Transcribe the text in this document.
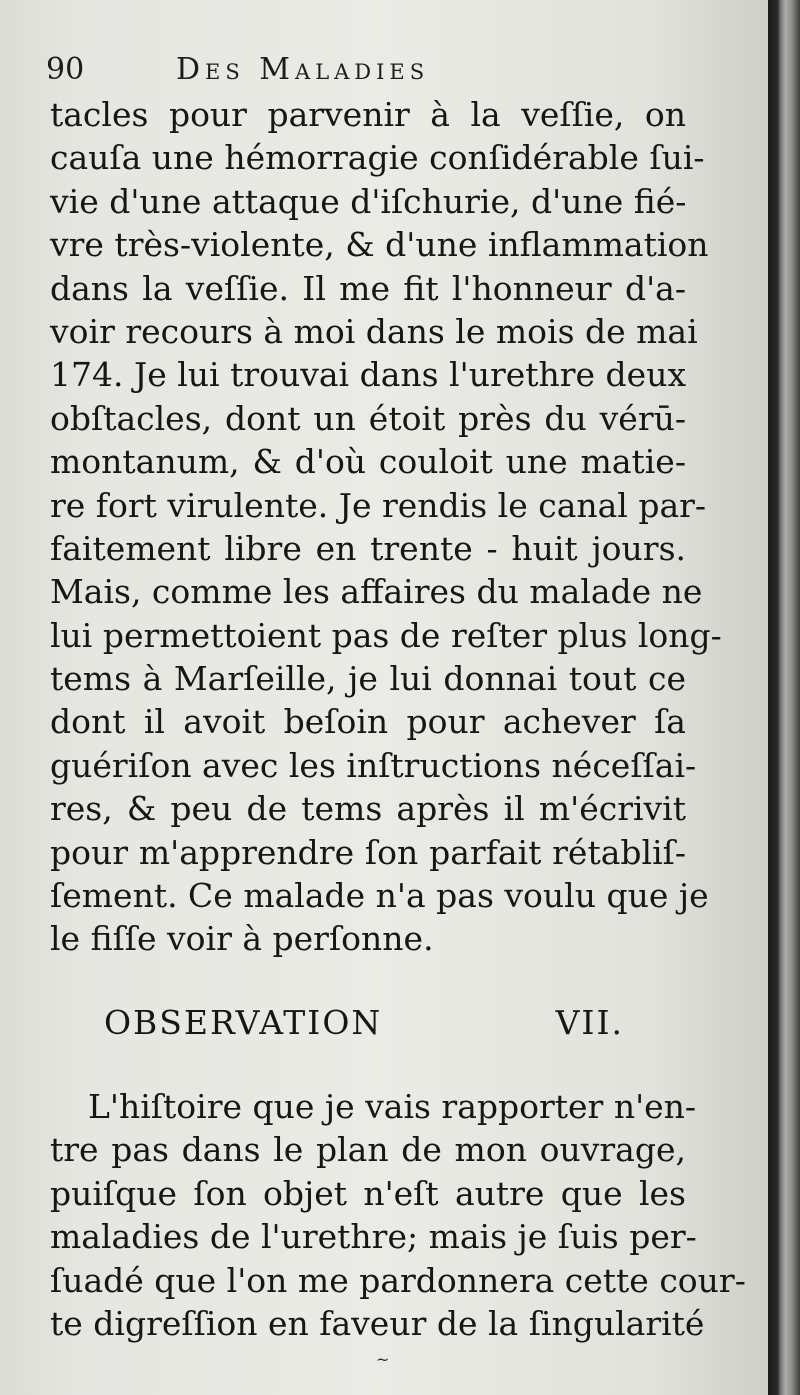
90	Des Maladies
tacles pour parvenir à la veſſie, on
cauſa une hémorragie conſidérable ſui-
vie d'une attaque d'iſchurie, d'une fié-
vre très-violente, & d'une inflammation
dans la veſſie. Il me fit l'honneur d'a-
voir recours à moi dans le mois de mai
174. Je lui trouvai dans l'urethre deux
obſtacles, dont un étoit près du vérū-
montanum, & d'où couloit une matie-
re fort virulente. Je rendis le canal par-
faitement libre en trente - huit jours.
Mais, comme les affaires du malade ne
lui permettoient pas de reſter plus long-
tems à Marſeille, je lui donnai tout ce
dont il avoit beſoin pour achever ſa
guériſon avec les inſtructions néceſſai-
res, & peu de tems après il m'écrivit
pour m'apprendre ſon parfait rétabliſ-
ſement. Ce malade n'a pas voulu que je
le fiſſe voir à perſonne.
OBSERVATION VII.
L'hiſtoire que je vais rapporter n'en-
tre pas dans le plan de mon ouvrage,
puiſque ſon objet n'eſt autre que les
maladies de l'urethre; mais je ſuis per-
ſuadé que l'on me pardonnera cette cour-
te digreſſion en faveur de la ſingularité
~
